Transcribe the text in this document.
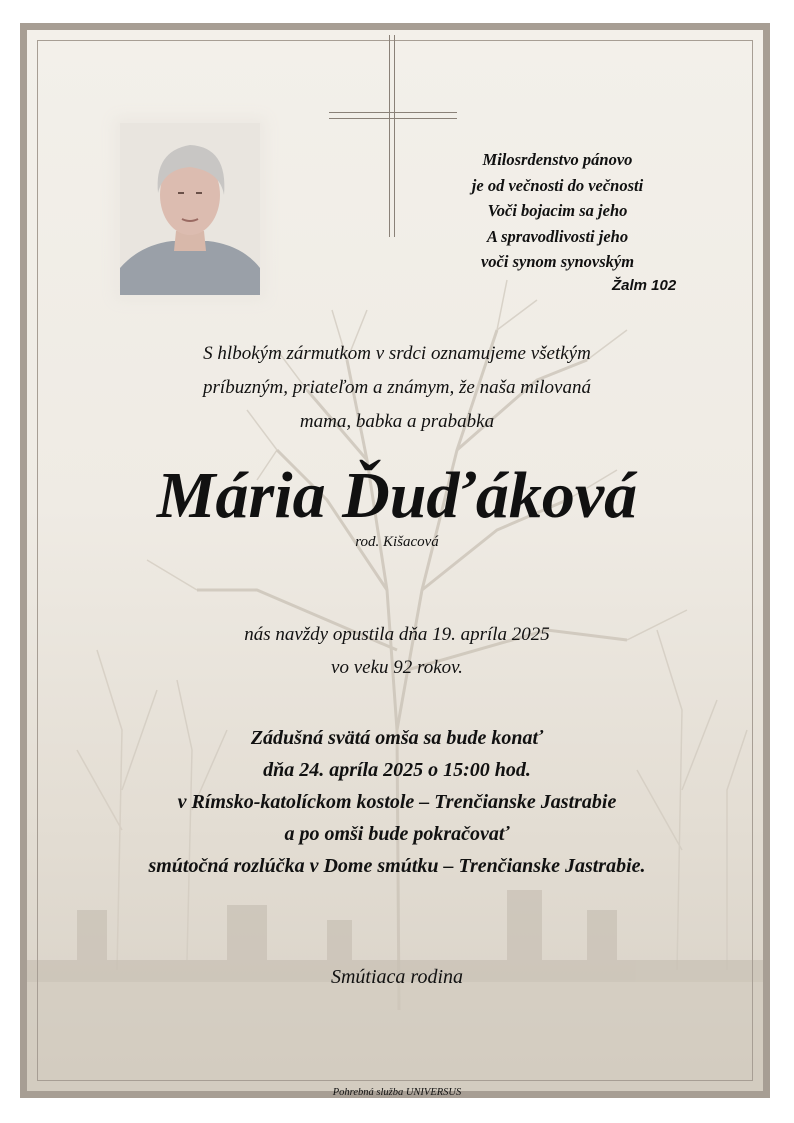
Milosrdenstvo pánovo
je od večnosti do večnosti
Voči bojacim sa jeho
A spravodlivosti jeho
voči synom synovským
Žalm 102
S hlbokým zármutkom v srdci oznamujeme všetkým
príbuzným, priateľom a známym, že naša milovaná
mama, babka a prababka
Mária Ďuďáková
rod. Kišacová
nás navždy opustila dňa 19. apríla 2025
vo veku 92 rokov.
Zádušná svätá omša sa bude konať
dňa 24. apríla 2025 o 15:00 hod.
v Rímsko-katolíckom kostole – Trenčianske Jastrabie
a po omši bude pokračovať
smútočná rozlúčka v Dome smútku – Trenčianske Jastrabie.
Smútiaca rodina
Pohrebná služba UNIVERSUS
